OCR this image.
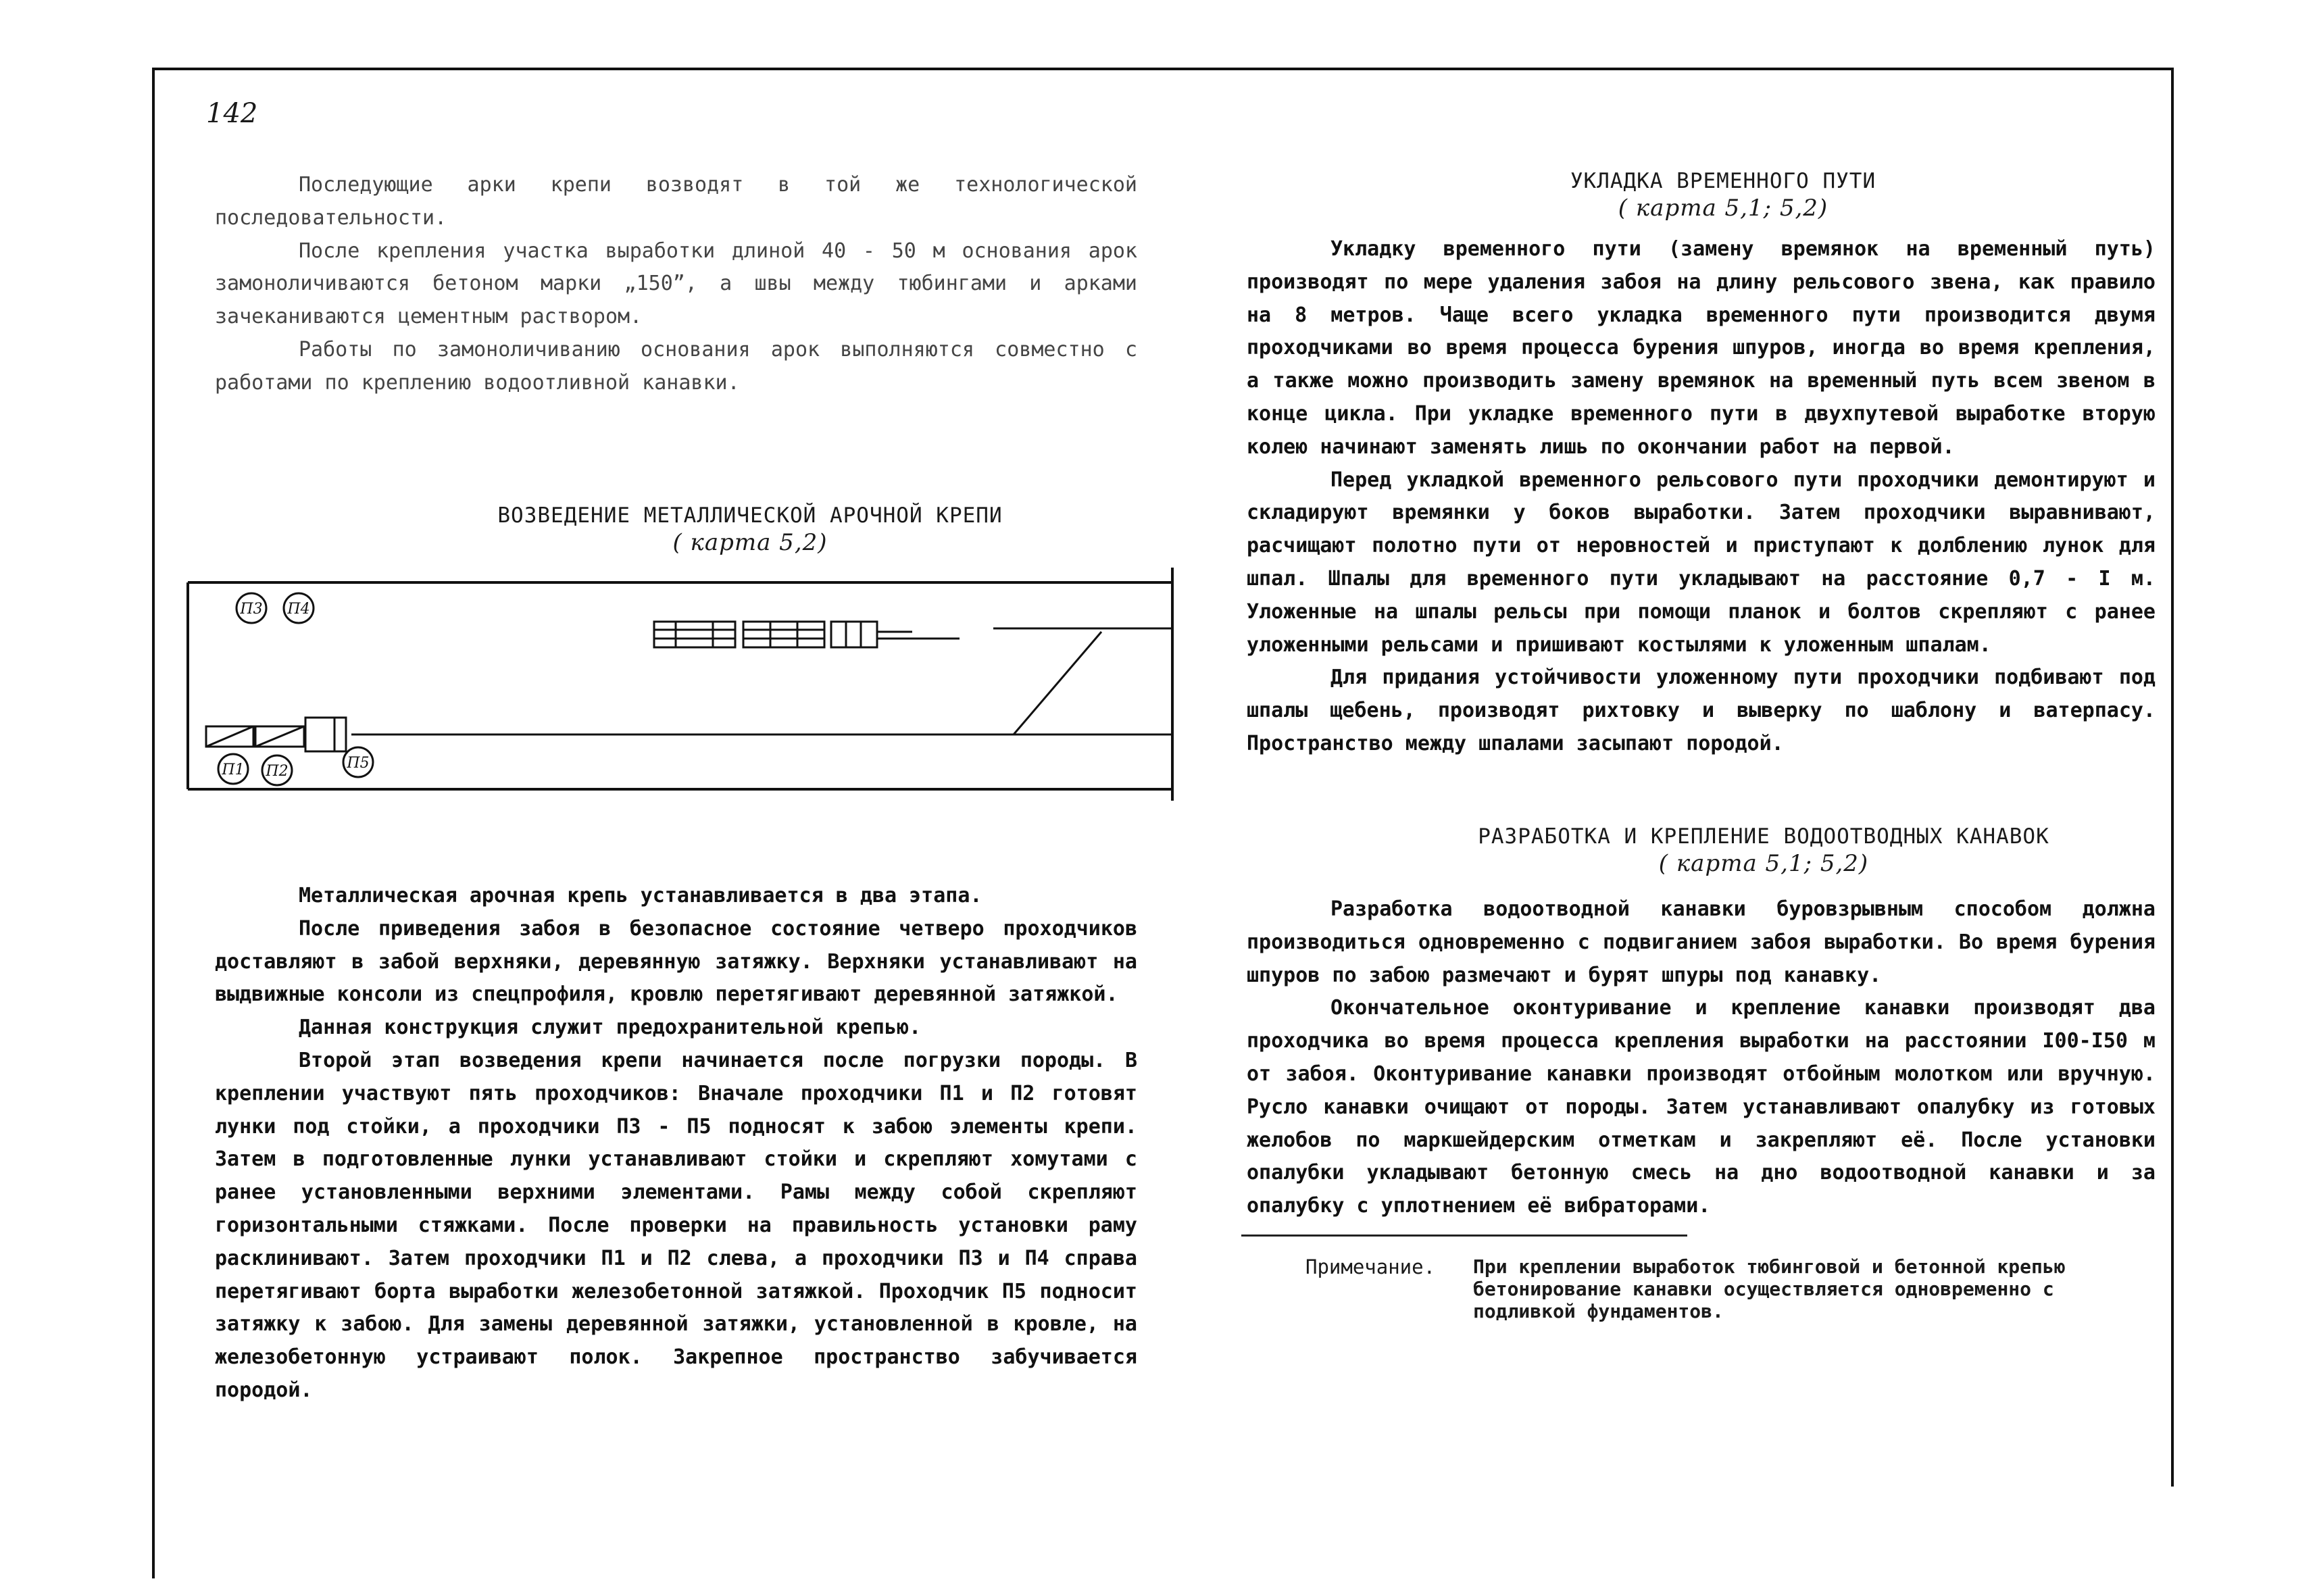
142

Последующие арки крепи возводят в той же технологической последовательности.

После крепления участка выработки длиной 40 - 50 м основания арок замоноличиваются бетоном марки „150”, а швы между тюбингами и арками зачеканиваются цементным раствором.

Работы по замоноличиванию основания арок выполняются совместно с работами по креплению водоотливной канавки.

ВОЗВЕДЕНИЕ МЕТАЛЛИЧЕСКОЙ АРОЧНОЙ КРЕПИ
( карта 5,2)
П3 П4
П1 П2	П5

Металлическая арочная крепь устанавливается в два этапа.

После приведения забоя в безопасное состояние четверо проходчиков доставляют в забой верхняки, деревянную затяжку. Верхняки устанавливают на выдвижные консоли из спецпрофиля, кровлю перетягивают деревянной затяжкой.

Данная конструкция служит предохранительной крепью.

Второй этап возведения крепи начинается после погрузки породы. В креплении участвуют пять проходчиков: Вначале проходчики П1 и П2 готовят лунки под стойки, а проходчики П3 - П5 подносят к забою элементы крепи. Затем в подготовленные лунки устанавливают стойки и скрепляют хомутами с ранее установленными верхними элементами. Рамы между собой скрепляют горизонтальными стяжками. После проверки на правильность установки раму расклинивают. Затем проходчики П1 и П2 слева, а проходчики П3 и П4 справа перетягивают борта выработки железобетонной затяжкой. Проходчик П5 подносит затяжку к забою. Для замены деревянной затяжки, установленной в кровле, на железобетонную устраивают полок. Закрепное пространство забучивается породой.

УКЛАДКА ВРЕМЕННОГО ПУТИ
( карта 5,1; 5,2)

Укладку временного пути (замену времянок на временный путь) производят по мере удаления забоя на длину рельсового звена, как правило на 8 метров. Чаще всего укладка временного пути производится двумя проходчиками во время процесса бурения шпуров, иногда во время крепления, а также можно производить замену времянок на временный путь всем звеном в конце цикла. При укладке временного пути в двухпутевой выработке вторую колею начинают заменять лишь по окончании работ на первой.

Перед укладкой временного рельсового пути проходчики демонтируют и складируют времянки у боков выработки. Затем проходчики выравнивают, расчищают полотно пути от неровностей и приступают к долблению лунок для шпал. Шпалы для временного пути укладывают на расстояние 0,7 - I м. Уложенные на шпалы рельсы при помощи планок и болтов скрепляют с ранее уложенными рельсами и пришивают костылями к уложенным шпалам.

Для придания устойчивости уложенному пути проходчики подбивают под шпалы щебень, производят рихтовку и выверку по шаблону и ватерпасу. Пространство между шпалами засыпают породой.

РАЗРАБОТКА И КРЕПЛЕНИЕ ВОДООТВОДНЫХ КАНАВОК
( карта 5,1; 5,2)

Разработка водоотводной канавки буровзрывным способом должна производиться одновременно с подвиганием забоя выработки. Во время бурения шпуров по забою размечают и бурят шпуры под канавку.

Окончательное оконтуривание и крепление канавки производят два проходчика во время процесса крепления выработки на расстоянии I00-I50 м от забоя. Оконтуривание канавки производят отбойным молотком или вручную. Русло канавки очищают от породы. Затем устанавливают опалубку из готовых желобов по маркшейдерским отметкам и закрепляют её. После установки опалубки укладывают бетонную смесь на дно водоотводной канавки и за опалубку с уплотнением её вибраторами.

Примечание. При креплении выработок тюбинговой и бетонной крепью бетонирование канавки осуществляется одновременно с подливкой фундаментов.
